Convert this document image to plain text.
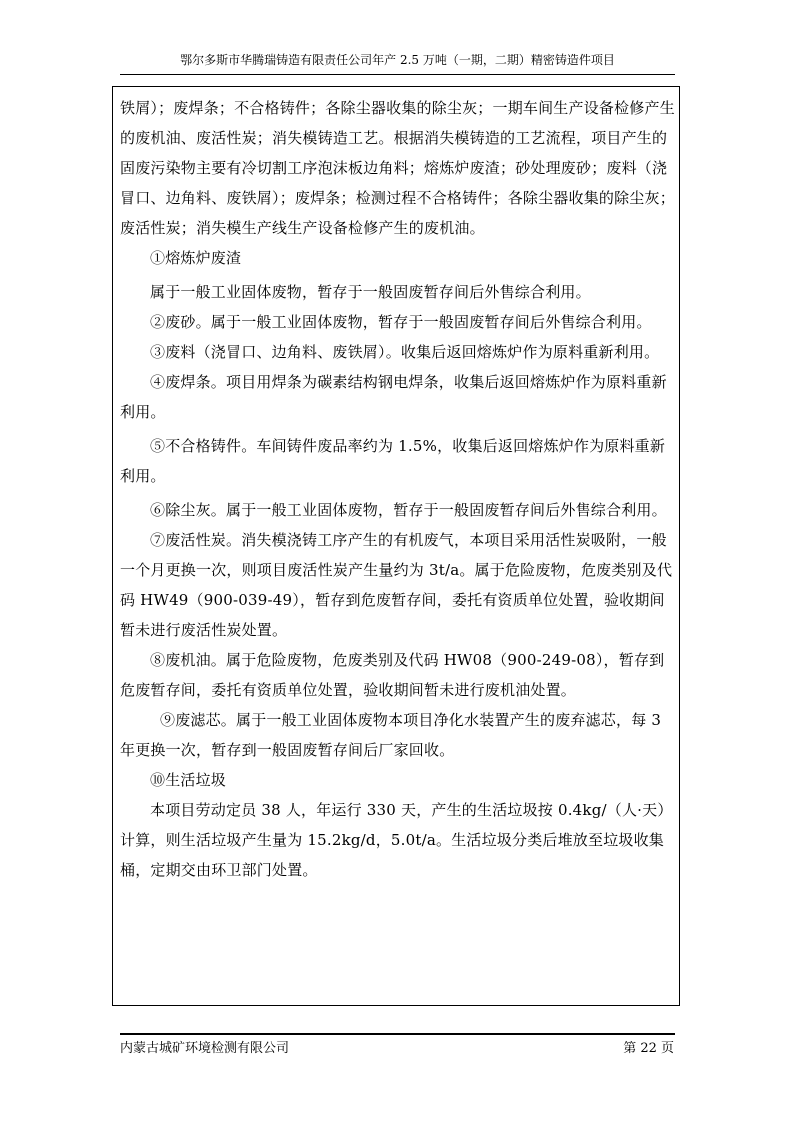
鄂尔多斯市华腾瑞铸造有限责任公司年产 2.5 万吨（一期，二期）精密铸造件项目

铁屑）；废焊条；不合格铸件；各除尘器收集的除尘灰；一期车间生产设备检修产生的废机油、废活性炭；消失模铸造工艺。根据消失模铸造的工艺流程，项目产生的固废污染物主要有冷切割工序泡沫板边角料；熔炼炉废渣；砂处理废砂；废料（浇冒口、边角料、废铁屑）；废焊条；检测过程不合格铸件；各除尘器收集的除尘灰；废活性炭；消失模生产线生产设备检修产生的废机油。

①熔炼炉废渣

属于一般工业固体废物，暂存于一般固废暂存间后外售综合利用。

②废砂。属于一般工业固体废物，暂存于一般固废暂存间后外售综合利用。

③废料（浇冒口、边角料、废铁屑）。收集后返回熔炼炉作为原料重新利用。

④废焊条。项目用焊条为碳素结构钢电焊条，收集后返回熔炼炉作为原料重新利用。

⑤不合格铸件。车间铸件废品率约为 1.5%，收集后返回熔炼炉作为原料重新利用。

⑥除尘灰。属于一般工业固体废物，暂存于一般固废暂存间后外售综合利用。

⑦废活性炭。消失模浇铸工序产生的有机废气，本项目采用活性炭吸附，一般一个月更换一次，则项目废活性炭产生量约为 3t/a。属于危险废物，危废类别及代码 HW49（900-039-49），暂存到危废暂存间，委托有资质单位处置，验收期间暂未进行废活性炭处置。

⑧废机油。属于危险废物，危废类别及代码 HW08（900-249-08），暂存到危废暂存间，委托有资质单位处置，验收期间暂未进行废机油处置。

⑨废滤芯。属于一般工业固体废物本项目净化水装置产生的废弃滤芯，每 3 年更换一次，暂存到一般固废暂存间后厂家回收。

⑩生活垃圾

本项目劳动定员 38 人，年运行 330 天，产生的生活垃圾按 0.4kg/（人·天）计算，则生活垃圾产生量为 15.2kg/d，5.0t/a。生活垃圾分类后堆放至垃圾收集桶，定期交由环卫部门处置。

内蒙古城矿环境检测有限公司	第 22 页
